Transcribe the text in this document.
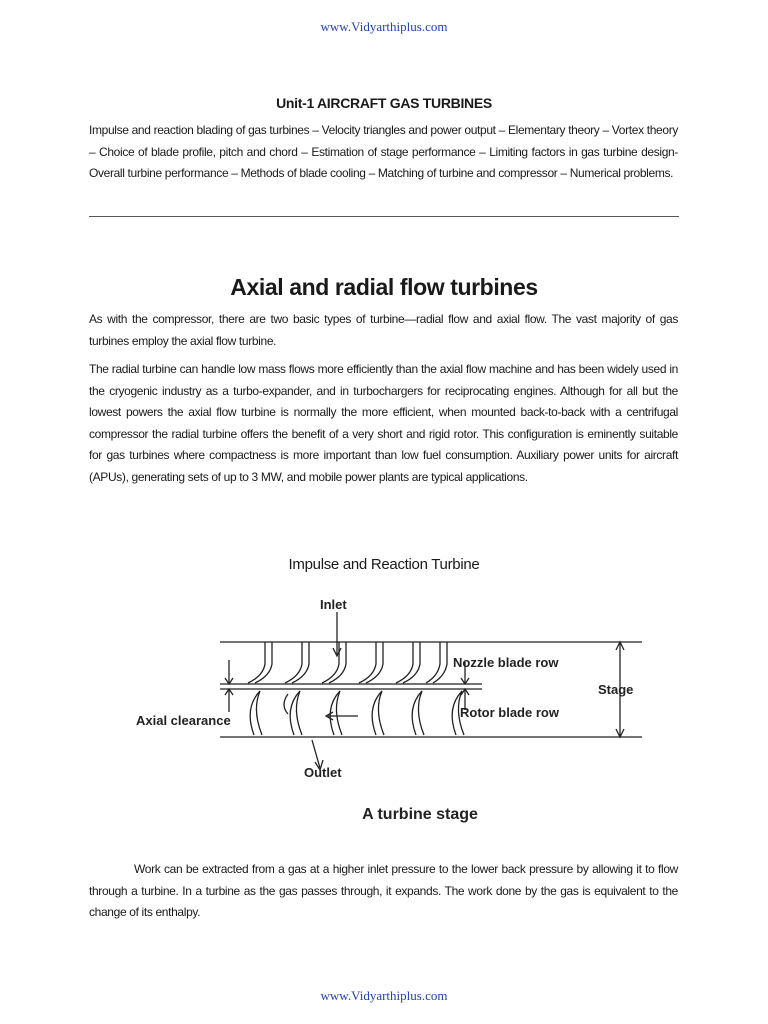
www.Vidyarthiplus.com
Unit-1 AIRCRAFT GAS TURBINES

Impulse and reaction blading of gas turbines – Velocity triangles and power output – Elementary theory – Vortex theory – Choice of blade profile, pitch and chord – Estimation of stage performance – Limiting factors in gas turbine design- Overall turbine performance – Methods of blade cooling – Matching of turbine and compressor – Numerical problems.

Axial and radial flow turbines

As with the compressor, there are two basic types of turbine—radial flow and axial flow. The vast majority of gas turbines employ the axial flow turbine.

The radial turbine can handle low mass flows more efficiently than the axial flow machine and has been widely used in the cryogenic industry as a turbo-expander, and in turbochargers for reciprocating engines. Although for all but the lowest powers the axial flow turbine is normally the more efficient, when mounted back-to-back with a centrifugal compressor the radial turbine offers the benefit of a very short and rigid rotor. This configuration is eminently suitable for gas turbines where compactness is more important than low fuel consumption. Auxiliary power units for aircraft (APUs), generating sets of up to 3 MW, and mobile power plants are typical applications.

Impulse and Reaction Turbine
Inlet
Nozzle blade row
Rotor blade row
Stage
Axial clearance
Outlet
A turbine stage

Work can be extracted from a gas at a higher inlet pressure to the lower back pressure by allowing it to flow through a turbine. In a turbine as the gas passes through, it expands. The work done by the gas is equivalent to the change of its enthalpy.

www.Vidyarthiplus.com
